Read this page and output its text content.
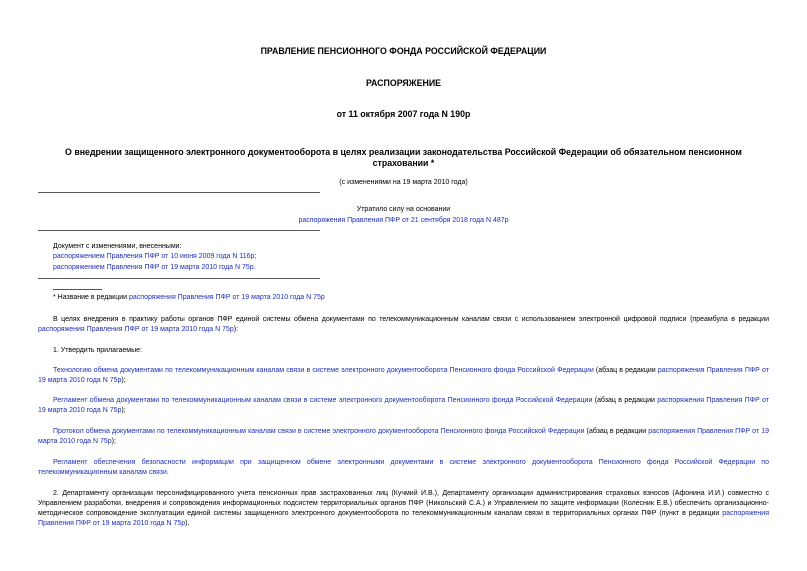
ПРАВЛЕНИЕ ПЕНСИОННОГО ФОНДА РОССИЙСКОЙ ФЕДЕРАЦИИ
РАСПОРЯЖЕНИЕ
от 11 октября 2007 года N 190р
О внедрении защищенного электронного документооборота в целях реализации законодательства Российской Федерации об обязательном пенсионном
страховании *
(с изменениями на 19 марта 2010 года)
Утратило силу на основании
распоряжения Правления ПФР от 21 сентября 2018 года N 487р
Документ с изменениями, внесенными:
распоряжением Правления ПФР от 10 июня 2009 года N 116р;
распоряжением Правления ПФР от 19 марта 2010 года N 75р.
* Название в редакции распоряжения Правления ПФР от 19 марта 2010 года N 75р
В целях внедрения в практику работы органов ПФР единой системы обмена документами по телекоммуникационным каналам связи с использованием электронной цифровой подписи (преамбула в редакции распоряжения Правления ПФР от 19 марта 2010 года N 75р):
1. Утвердить прилагаемые:
Технологию обмена документами по телекоммуникационным каналам связи в системе электронного документооборота Пенсионного фонда Российской Федерации (абзац в редакции распоряжения Правления ПФР от 19 марта 2010 года N 75р);
Регламент обмена документами по телекоммуникационным каналам связи в системе электронного документооборота Пенсионного фонда Российской Федерации (абзац в редакции распоряжения Правления ПФР от 19 марта 2010 года N 75р);
Протокол обмена документами по телекоммуникационным каналам связи в системе электронного документооборота Пенсионного фонда Российской Федерации (абзац в редакции распоряжения Правления ПФР от 19 марта 2010 года N 75р);
Регламент обеспечения безопасности информации при защищенном обмене электронными документами в системе электронного документооборота Пенсионного фонда Российской Федерации по телекоммуникационным каналам связи.
2. Департаменту организации персонифицированного учета пенсионных прав застрахованных лиц (Кучмий И.В.), Департаменту организации администрирования страховых взносов (Афонина И.И.) совместно с Управлением разработки, внедрения и сопровождения информационных подсистем территориальных органов ПФР (Никольский С.А.) и Управлением по защите информации (Колесник Е.В.) обеспечить организационно-методическое сопровождение эксплуатации единой системы защищенного электронного документооборота по телекоммуникационным каналам связи в территориальных органах ПФР (пункт в редакции распоряжения Правления ПФР от 19 марта 2010 года N 75р).
